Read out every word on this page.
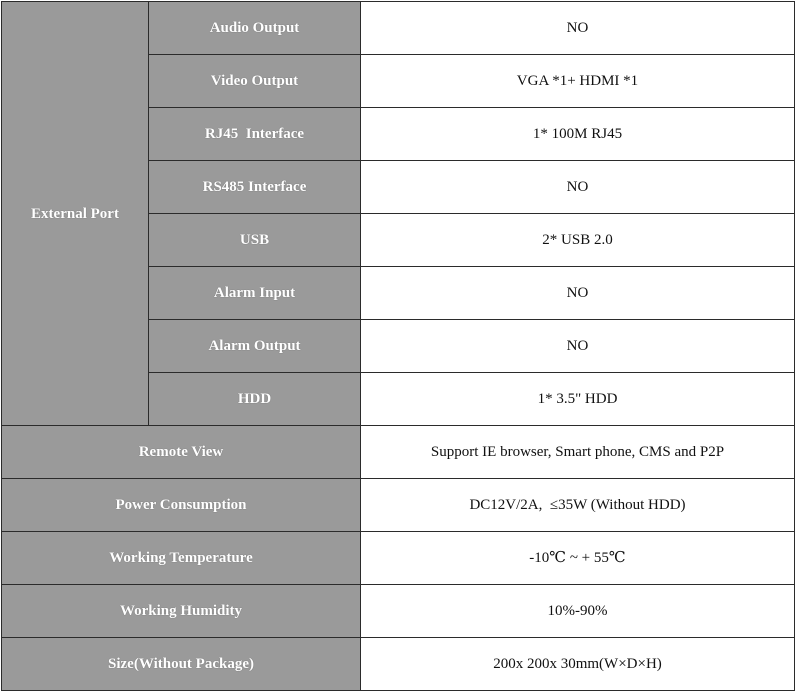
External Port	Audio Output	NO
	Video Output	VGA *1+ HDMI *1
	RJ45  Interface	1* 100M RJ45
	RS485 Interface	NO
	USB	2* USB 2.0
	Alarm Input	NO
	Alarm Output	NO
	HDD	1* 3.5" HDD
Remote View		Support IE browser, Smart phone, CMS and P2P
Power Consumption		DC12V/2A,  ≤35W (Without HDD)
Working Temperature		-10℃ ~ + 55℃
Working Humidity		10%-90%
Size(Without Package)		200x 200x 30mm(W×D×H)
